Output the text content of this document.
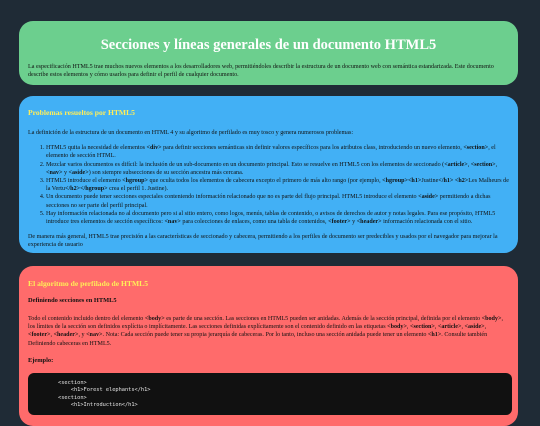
Secciones y líneas generales de un documento HTML5

La especificación HTML5 trae muchos nuevos elementos a los desarrolladores web, permitiéndoles describir la estructura de un documento web con semántica estandarizada. Este documento describe estos elementos y cómo usarlos para definir el perfil de cualquier documento.

Problemas resueltos por HTML5

La definición de la estructura de un documento en HTML 4 y su algoritmo de perfilado es muy tosco y genera numerosos problemas:

1. HTML5 quita la necesidad de elementos <div> para definir secciones semánticas sin definir valores específicos para los atributos class, introduciendo un nuevo elemento, <section>, el elemento de sección HTML.
2. Mezclar varios documentos es difícil: la inclusión de un sub-documento en un documento principal. Esto se resuelve en HTML5 con los elementos de seccionado (<article>, <section>, <nav> y <aside>) son siempre subsecciones de su sección ancestra más cercana.
3. HTML5 introduce el elemento <hgroup> que oculta todos los elementos de cabecera excepto el primero de más alto rango (por ejemplo, <hgroup><h1>Justine</h1> <h2>Les Malheurs de la Vertu</h2></hgroup> crea el perfil 1. Justine).
4. Un documento puede tener secciones especiales conteniendo información relacionado que no es parte del flujo principal. HTML5 introduce el elemento <aside> permitiendo a dichas secciones no ser parte del perfil principal.
5. Hay información relacionada no al documento pero si al sitio entero, como logos, menús, tablas de contenido, o avisos de derechos de autor y notas legales. Para ese propósito, HTML5 introduce tres elementos de sección específicos: <nav> para colecciones de enlaces, como una tabla de contenidos, <footer> y <header> información relacionada con el sitio.

De manera más general, HTML5 trae precisión a las características de seccionado y cabecera, permitiendo a los perfiles de documento ser predecibles y usados por el navegador para mejorar la experiencia de usuario

El algoritmo de perfilado de HTML5
Definiendo secciones en HTML5

Todo el contenido incluido dentro del elemento <body> es parte de una sección. Las secciones en HTML5 pueden ser anidadas. Además de la sección principal, definida por el elemento <body>, los límites de la sección son definidos explícita o implícitamente. Las secciones definidas explícitamente son el contenido definido en las etiquetas <body>, <section>, <article>, <aside>, <footer>, <header>, y <nav>. Nota: Cada sección puede tener su propia jerarquía de cabeceras. Por lo tanto, incluso una sección anidada puede tener un elemento <h1>. Consulte también Definiendo cabeceras en HTML5.

Ejemplo:

<section>
<h1>Forest elephants</h1>
<section>
<h1>Introduction</h1>
